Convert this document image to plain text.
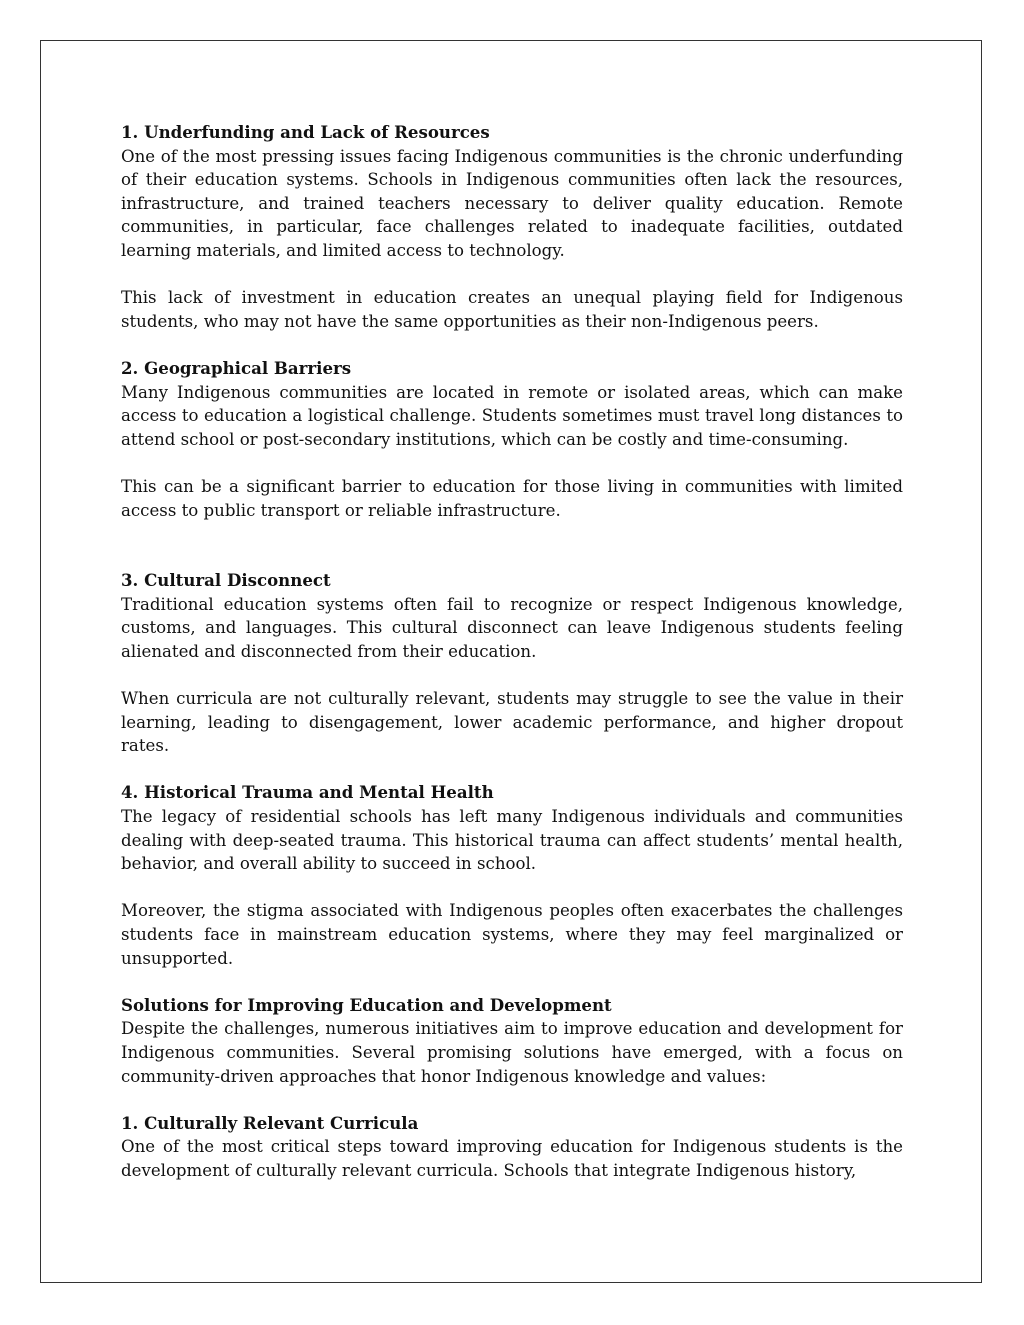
1. Underfunding and Lack of Resources

One of the most pressing issues facing Indigenous communities is the chronic underfunding of their education systems. Schools in Indigenous communities often lack the resources, infrastructure, and trained teachers necessary to deliver quality education. Remote communities, in particular, face challenges related to inadequate facilities, outdated learning materials, and limited access to technology.

This lack of investment in education creates an unequal playing field for Indigenous students, who may not have the same opportunities as their non-Indigenous peers.

2. Geographical Barriers

Many Indigenous communities are located in remote or isolated areas, which can make access to education a logistical challenge. Students sometimes must travel long distances to attend school or post-secondary institutions, which can be costly and time-consuming.

This can be a significant barrier to education for those living in communities with limited access to public transport or reliable infrastructure.

3. Cultural Disconnect

Traditional education systems often fail to recognize or respect Indigenous knowledge, customs, and languages. This cultural disconnect can leave Indigenous students feeling alienated and disconnected from their education.

When curricula are not culturally relevant, students may struggle to see the value in their learning, leading to disengagement, lower academic performance, and higher dropout rates.

4. Historical Trauma and Mental Health

The legacy of residential schools has left many Indigenous individuals and communities dealing with deep-seated trauma. This historical trauma can affect students’ mental health, behavior, and overall ability to succeed in school.

Moreover, the stigma associated with Indigenous peoples often exacerbates the challenges students face in mainstream education systems, where they may feel marginalized or unsupported.

Solutions for Improving Education and Development

Despite the challenges, numerous initiatives aim to improve education and development for Indigenous communities. Several promising solutions have emerged, with a focus on community-driven approaches that honor Indigenous knowledge and values:

1. Culturally Relevant Curricula

One of the most critical steps toward improving education for Indigenous students is the development of culturally relevant curricula. Schools that integrate Indigenous history,
